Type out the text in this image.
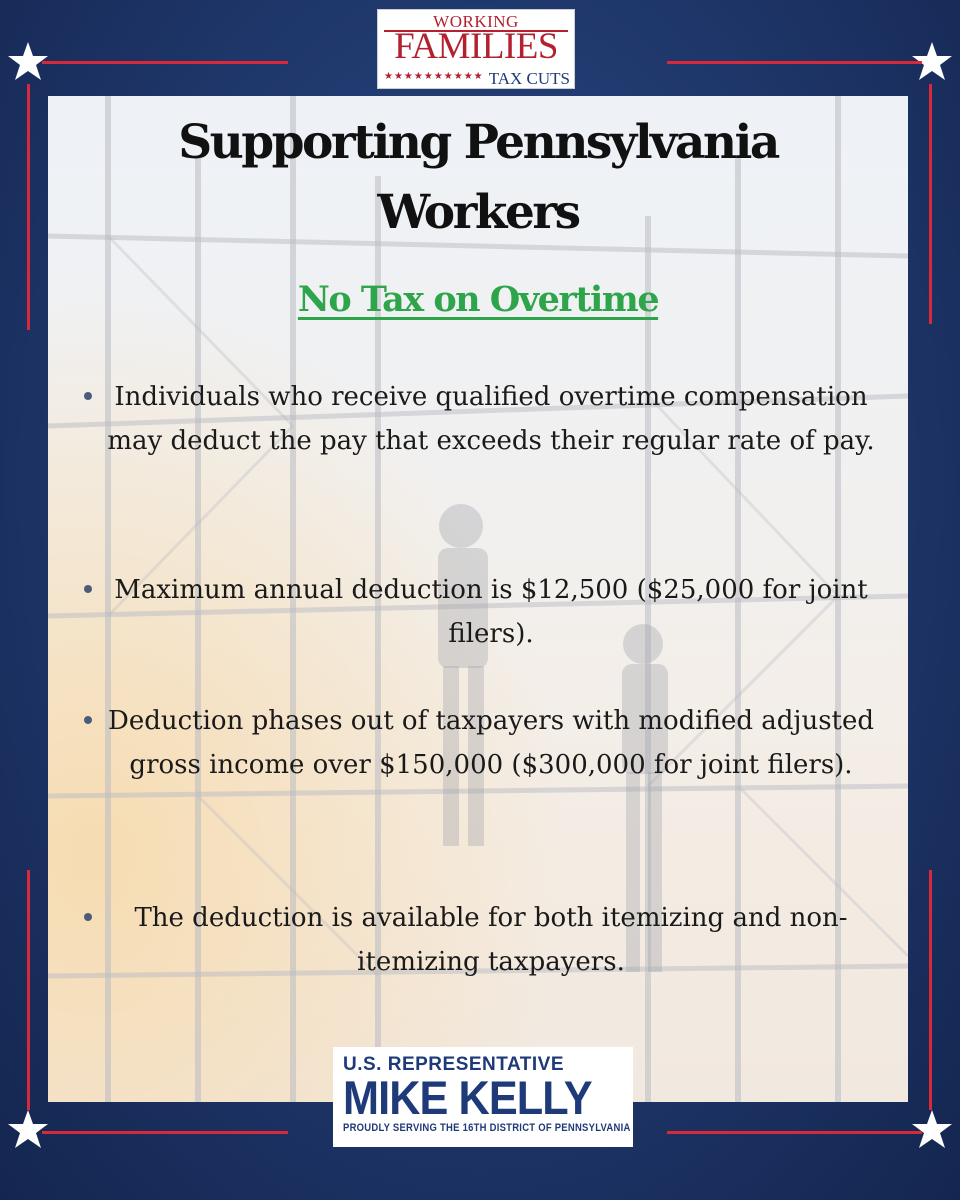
Supporting Pennsylvania
Workers
No Tax on Overtime
Individuals who receive qualified overtime compensation may deduct the pay that exceeds their regular rate of pay.
Maximum annual deduction is $12,500 ($25,000 for joint filers).
Deduction phases out of taxpayers with modified adjusted gross income over $150,000 ($300,000 for joint filers).
The deduction is available for both itemizing and non- itemizing taxpayers.
WORKING
FAMILIES
★★★★★★★★★★ TAX CUTS
U.S. REPRESENTATIVE
MIKE KELLY
PROUDLY SERVING THE 16TH DISTRICT OF PENNSYLVANIA
